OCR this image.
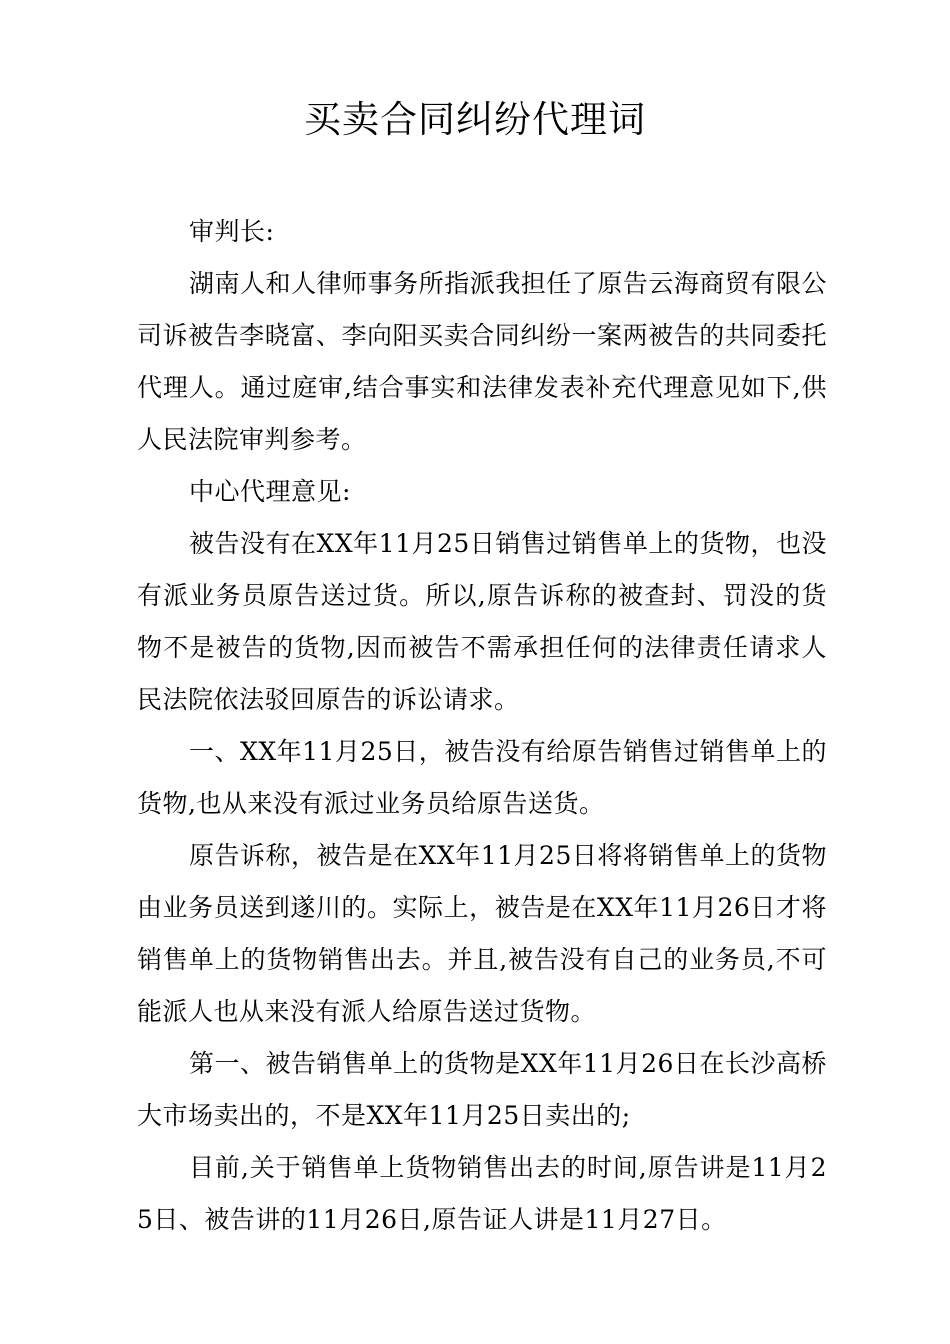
买卖合同纠纷代理词

审判长:

湖南人和人律师事务所指派我担任了原告云海商贸有限公司诉被告李晓富、李向阳买卖合同纠纷一案两被告的共同委托代理人。通过庭审,结合事实和法律发表补充代理意见如下,供人民法院审判参考。

中心代理意见:

被告没有在XX年11月25日销售过销售单上的货物，也没有派业务员原告送过货。所以,原告诉称的被查封、罚没的货物不是被告的货物,因而被告不需承担任何的法律责任请求人民法院依法驳回原告的诉讼请求。

一、XX年11月25日，被告没有给原告销售过销售单上的货物,也从来没有派过业务员给原告送货。

原告诉称，被告是在XX年11月25日将将销售单上的货物由业务员送到遂川的。实际上，被告是在XX年11月26日才将销售单上的货物销售出去。并且,被告没有自己的业务员,不可能派人也从来没有派人给原告送过货物。

第一、被告销售单上的货物是XX年11月26日在长沙高桥大市场卖出的，不是XX年11月25日卖出的;

目前,关于销售单上货物销售出去的时间,原告讲是11月25日、被告讲的11月26日,原告证人讲是11月27日。
